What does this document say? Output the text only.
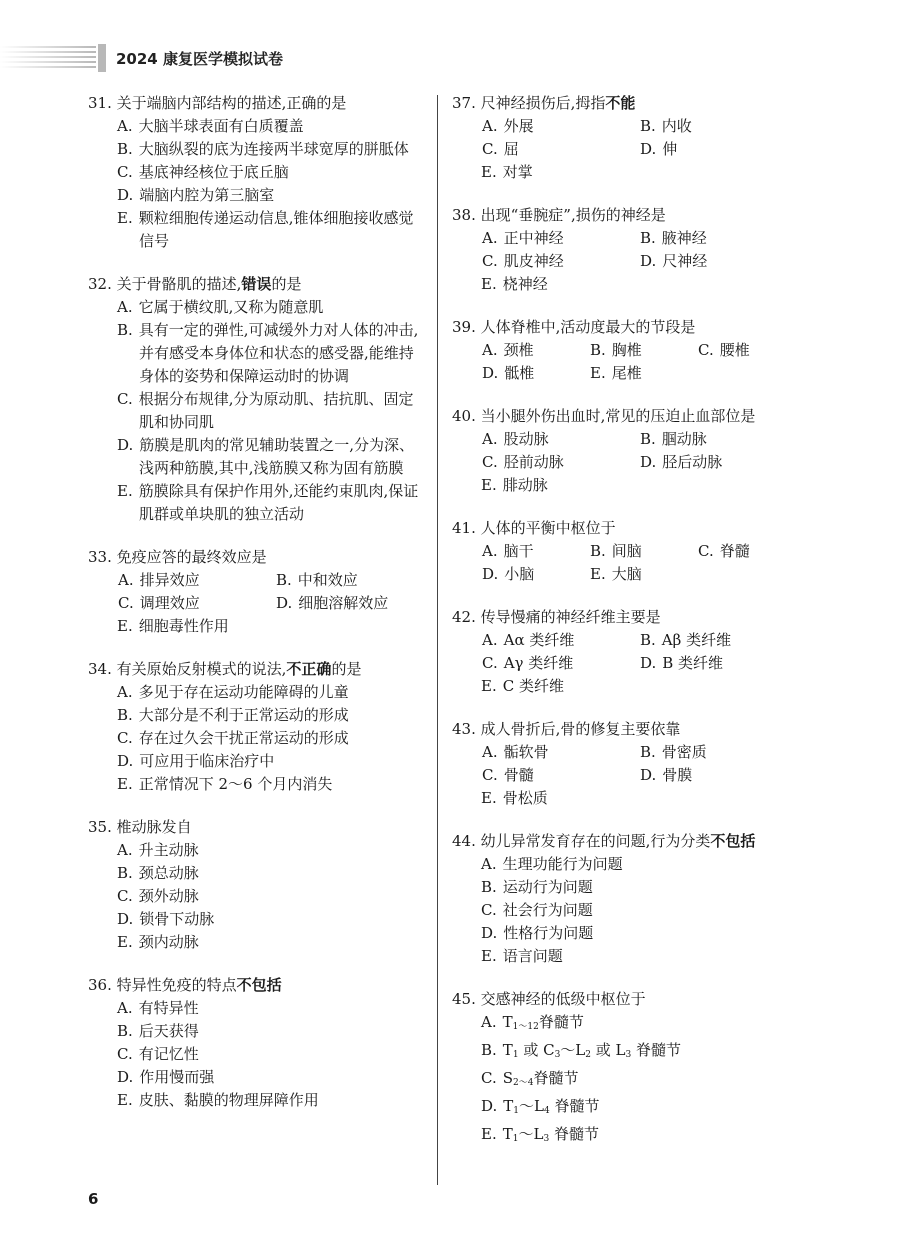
2024 康复医学模拟试卷
31. 关于端脑内部结构的描述,正确的是
A. 大脑半球表面有白质覆盖
B. 大脑纵裂的底为连接两半球宽厚的胼胝体
C. 基底神经核位于底丘脑
D. 端脑内腔为第三脑室
E. 颗粒细胞传递运动信息,锥体细胞接收感觉信号
32. 关于骨骼肌的描述,错误的是
A. 它属于横纹肌,又称为随意肌
B. 具有一定的弹性,可减缓外力对人体的冲击,并有感受本身体位和状态的感受器,能维持身体的姿势和保障运动时的协调
C. 根据分布规律,分为原动肌、拮抗肌、固定肌和协同肌
D. 筋膜是肌肉的常见辅助装置之一,分为深、浅两种筋膜,其中,浅筋膜又称为固有筋膜
E. 筋膜除具有保护作用外,还能约束肌肉,保证肌群或单块肌的独立活动
33. 免疫应答的最终效应是
A. 排异效应	B. 中和效应
C. 调理效应	D. 细胞溶解效应
E. 细胞毒性作用
34. 有关原始反射模式的说法,不正确的是
A. 多见于存在运动功能障碍的儿童
B. 大部分是不利于正常运动的形成
C. 存在过久会干扰正常运动的形成
D. 可应用于临床治疗中
E. 正常情况下 2～6 个月内消失
35. 椎动脉发自
A. 升主动脉
B. 颈总动脉
C. 颈外动脉
D. 锁骨下动脉
E. 颈内动脉
36. 特异性免疫的特点不包括
A. 有特异性
B. 后天获得
C. 有记忆性
D. 作用慢而强
E. 皮肤、黏膜的物理屏障作用
37. 尺神经损伤后,拇指不能
A. 外展	B. 内收
C. 屈	D. 伸
E. 对掌
38. 出现“垂腕症”,损伤的神经是
A. 正中神经	B. 腋神经
C. 肌皮神经	D. 尺神经
E. 桡神经
39. 人体脊椎中,活动度最大的节段是
A. 颈椎	B. 胸椎	C. 腰椎
D. 骶椎	E. 尾椎
40. 当小腿外伤出血时,常见的压迫止血部位是
A. 股动脉	B. 腘动脉
C. 胫前动脉	D. 胫后动脉
E. 腓动脉
41. 人体的平衡中枢位于
A. 脑干	B. 间脑	C. 脊髓
D. 小脑	E. 大脑
42. 传导慢痛的神经纤维主要是
A. Aα 类纤维	B. Aβ 类纤维
C. Aγ 类纤维	D. B 类纤维
E. C 类纤维
43. 成人骨折后,骨的修复主要依靠
A. 骺软骨	B. 骨密质
C. 骨髓	D. 骨膜
E. 骨松质
44. 幼儿异常发育存在的问题,行为分类不包括
A. 生理功能行为问题
B. 运动行为问题
C. 社会行为问题
D. 性格行为问题
E. 语言问题
45. 交感神经的低级中枢位于
A. $T_{1\sim 12}$脊髓节
B. $T_1$ 或 $C_3\sim L_2$ 或 $L_3$ 脊髓节
C. $S_{2\sim 4}$脊髓节
D. $T_1\sim L_4$ 脊髓节
E. $T_1\sim L_3$ 脊髓节
6
